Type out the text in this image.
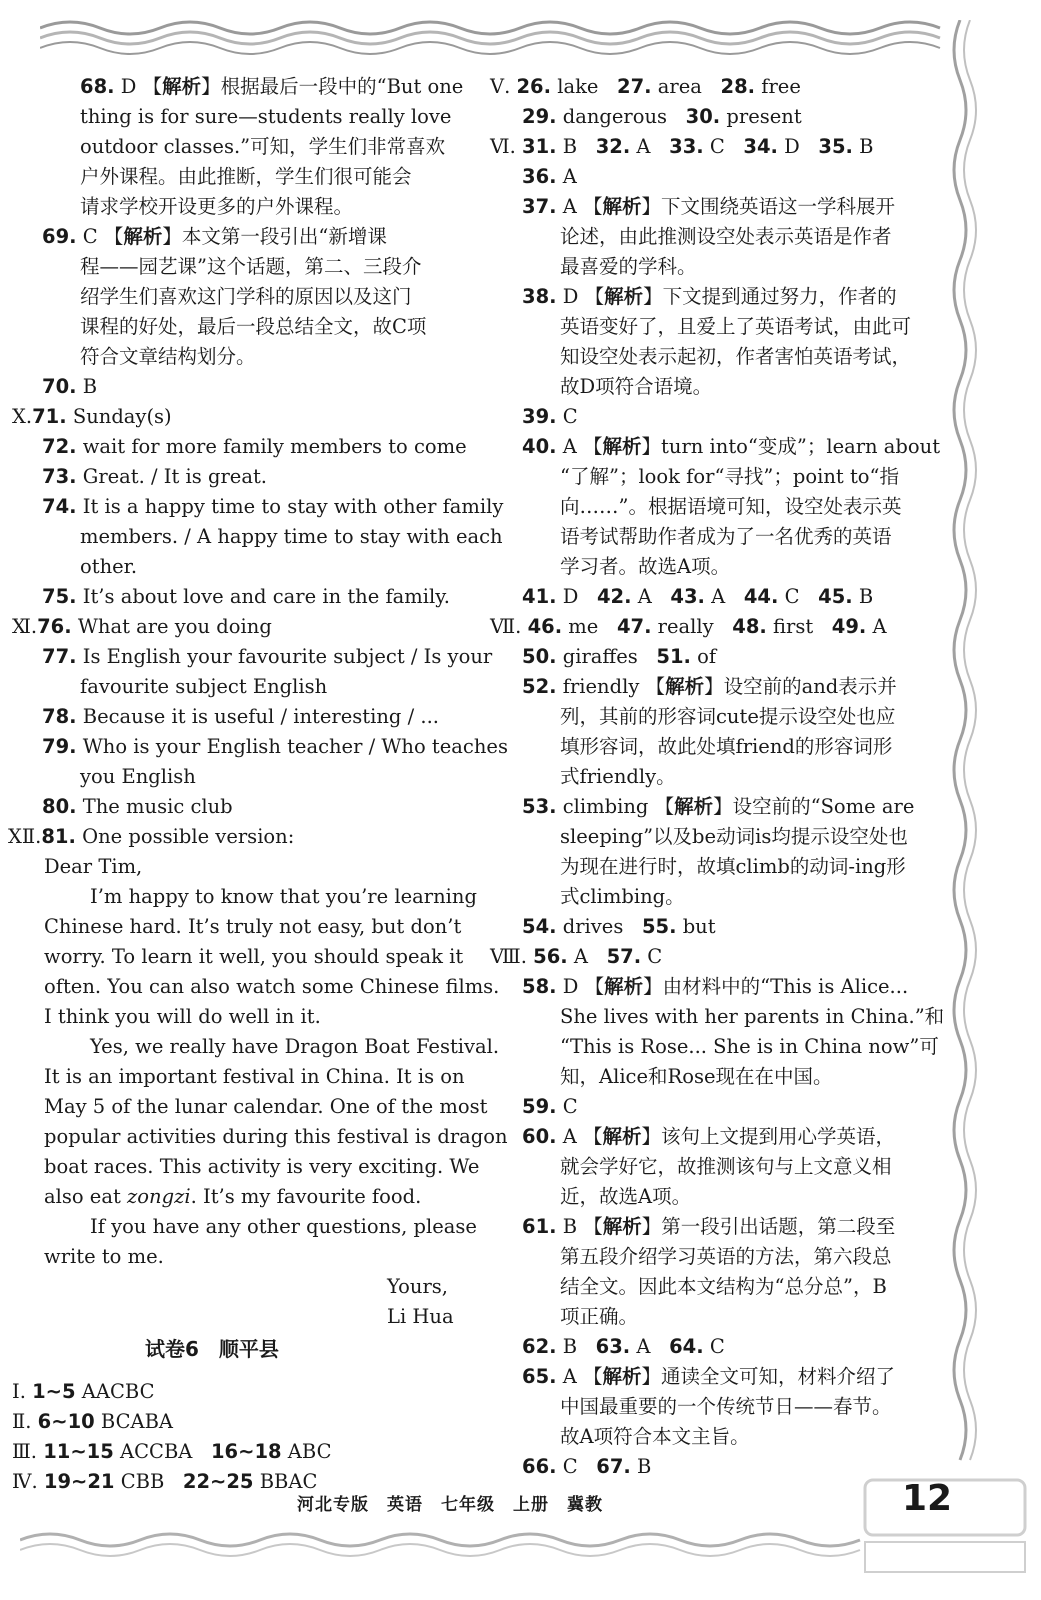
68. D 【解析】根据最后一段中的“But one
thing is for sure—students really love
outdoor classes.”可知，学生们非常喜欢
户外课程。由此推断，学生们很可能会
请求学校开设更多的户外课程。
69. C 【解析】本文第一段引出“新增课
程——园艺课”这个话题，第二、三段介
绍学生们喜欢这门学科的原因以及这门
课程的好处，最后一段总结全文，故C项
符合文章结构划分。
70. B
Ⅹ.71. Sunday(s)
72. wait for more family members to come
73. Great. / It is great.
74. It is a happy time to stay with other family
members. / A happy time to stay with each
other.
75. It’s about love and care in the family.
Ⅺ.76. What are you doing
77. Is English your favourite subject / Is your
favourite subject English
78. Because it is useful / interesting / ...
79. Who is your English teacher / Who teaches
you English
80. The music club
ⅩⅡ.81. One possible version:
Dear Tim,
I’m happy to know that you’re learning
Chinese hard. It’s truly not easy, but don’t
worry. To learn it well, you should speak it
often. You can also watch some Chinese films.
I think you will do well in it.
Yes, we really have Dragon Boat Festival.
It is an important festival in China. It is on
May 5 of the lunar calendar. One of the most
popular activities during this festival is dragon
boat races. This activity is very exciting. We
also eat zongzi. It’s my favourite food.
If you have any other questions, please
write to me.
Yours,
Li Hua
Ⅰ. 1~5 AACBC
Ⅱ. 6~10 BCABA
Ⅲ. 11~15 ACCBA   16~18 ABC
Ⅳ. 19~21 CBB   22~25 BBAC
Ⅴ. 26. lake   27. area   28. free
29. dangerous   30. present
Ⅵ. 31. B   32. A   33. C   34. D   35. B
36. A
37. A 【解析】下文围绕英语这一学科展开
论述，由此推测设空处表示英语是作者
最喜爱的学科。
38. D 【解析】下文提到通过努力，作者的
英语变好了，且爱上了英语考试，由此可
知设空处表示起初，作者害怕英语考试，
故D项符合语境。
39. C
40. A 【解析】turn into“变成”；learn about
“了解”；look for“寻找”；point to“指
向……”。根据语境可知，设空处表示英
语考试帮助作者成为了一名优秀的英语
学习者。故选A项。
41. D   42. A   43. A   44. C   45. B
Ⅶ. 46. me   47. really   48. first   49. A
50. giraffes   51. of
52. friendly 【解析】设空前的and表示并
列，其前的形容词cute提示设空处也应
填形容词，故此处填friend的形容词形
式friendly。
53. climbing 【解析】设空前的“Some are
sleeping”以及be动词is均提示设空处也
为现在进行时，故填climb的动词-ing形
式climbing。
54. drives   55. but
Ⅷ. 56. A   57. C
58. D 【解析】由材料中的“This is Alice...
She lives with her parents in China.”和
“This is Rose... She is in China now”可
知，Alice和Rose现在在中国。
59. C
60. A 【解析】该句上文提到用心学英语，
就会学好它，故推测该句与上文意义相
近，故选A项。
61. B 【解析】第一段引出话题，第二段至
第五段介绍学习英语的方法，第六段总
结全文。因此本文结构为“总分总”，B
项正确。
62. B   63. A   64. C
65. A 【解析】通读全文可知，材料介绍了
中国最重要的一个传统节日——春节。
故A项符合本文主旨。
66. C   67. B
试卷6　顺平县
河北专版　英语　七年级　上册　冀教	12
